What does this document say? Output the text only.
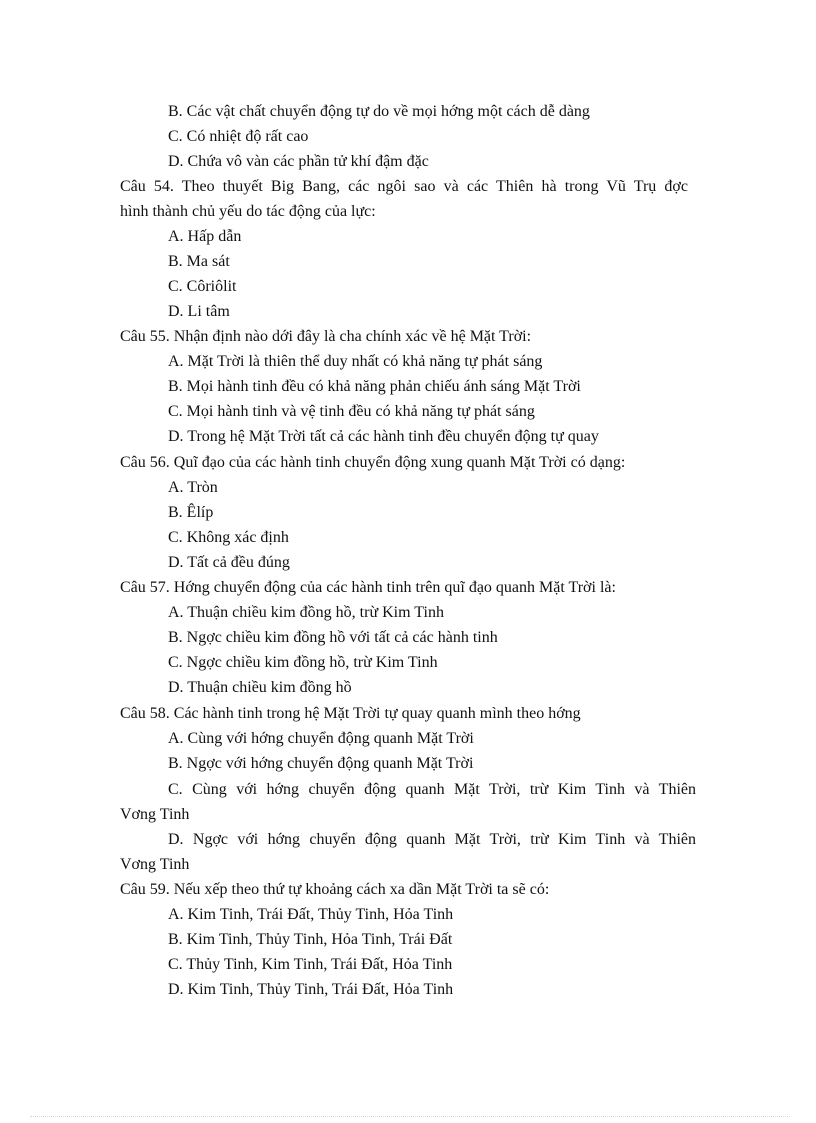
B. Các vật chất chuyển động tự do về mọi hớng một cách dễ dàng
C. Có nhiệt độ rất cao
D. Chứa vô vàn các phần tử khí đậm đặc
Câu 54. Theo thuyết Big Bang, các ngôi sao và các Thiên hà trong Vũ Trụ đợc
hình thành chủ yếu do tác động của lực:
A. Hấp dẫn
B. Ma sát
C. Côriôlit
D. Li tâm
Câu 55. Nhận định nào dới đây là cha chính xác về hệ Mặt Trời:
A. Mặt Trời là thiên thể duy nhất có khả năng tự phát sáng
B. Mọi hành tinh đều có khả năng phản chiếu ánh sáng Mặt Trời
C. Mọi hành tinh và vệ tinh đều có khả năng tự phát sáng
D. Trong hệ Mặt Trời tất cả các hành tinh đều chuyển động tự quay
Câu 56. Quĩ đạo của các hành tinh chuyển động xung quanh Mặt Trời có dạng:
A. Tròn
B. Êlíp
C. Không xác định
D. Tất cả đều đúng
Câu 57. Hớng chuyển động của các hành tinh trên quĩ đạo quanh Mặt Trời là:
A. Thuận chiều kim đồng hồ, trừ Kim Tinh
B. Ngợc chiều kim đồng hồ với tất cả các hành tinh
C. Ngợc chiều kim đồng hồ, trừ Kim Tinh
D. Thuận chiều kim đồng hồ
Câu 58. Các hành tinh trong hệ Mặt Trời tự quay quanh mình theo hớng
A. Cùng với hớng chuyển động quanh Mặt Trời
B. Ngợc với hớng chuyển động quanh Mặt Trời
C. Cùng với hớng chuyển động quanh Mặt Trời, trừ Kim Tinh và Thiên
Vơng Tinh
D. Ngợc với hớng chuyển động quanh Mặt Trời, trừ Kim Tinh và Thiên
Vơng Tinh
Câu 59. Nếu xếp theo thứ tự khoảng cách xa dần Mặt Trời ta sẽ có:
A. Kim Tinh, Trái Đất, Thủy Tinh, Hỏa Tinh
B. Kim Tinh, Thủy Tinh, Hỏa Tinh, Trái Đất
C. Thủy Tinh, Kim Tinh, Trái Đất, Hỏa Tinh
D. Kim Tinh, Thủy Tinh, Trái Đất, Hỏa Tinh
